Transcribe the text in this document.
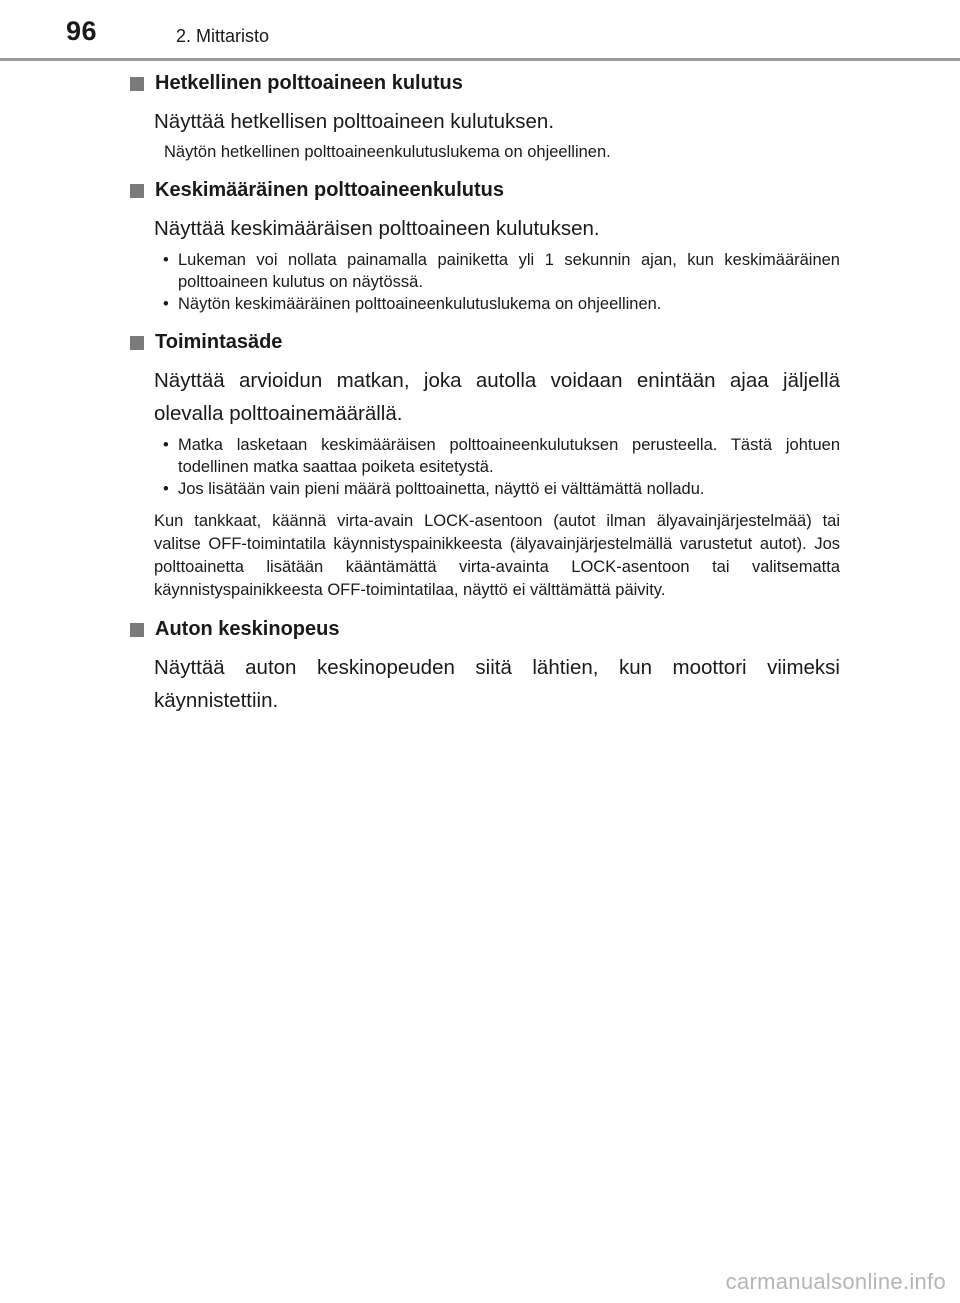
96	2. Mittaristo
Hetkellinen polttoaineen kulutus
Näyttää hetkellisen polttoaineen kulutuksen.
Näytön hetkellinen polttoaineenkulutuslukema on ohjeellinen.
Keskimääräinen polttoaineenkulutus
Näyttää keskimääräisen polttoaineen kulutuksen.
• Lukeman voi nollata painamalla painiketta yli 1 sekunnin ajan, kun keskimääräinen polttoaineen kulutus on näytössä.
• Näytön keskimääräinen polttoaineenkulutuslukema on ohjeellinen.
Toimintasäde
Näyttää arvioidun matkan, joka autolla voidaan enintään ajaa jäljellä olevalla polttoainemäärällä.
• Matka lasketaan keskimääräisen polttoaineenkulutuksen perusteella. Tästä johtuen todellinen matka saattaa poiketa esitetystä.
• Jos lisätään vain pieni määrä polttoainetta, näyttö ei välttämättä nolladu.
Kun tankkaat, käännä virta-avain LOCK-asentoon (autot ilman älyavainjärjestelmää) tai valitse OFF-toimintatila käynnistyspainikkeesta (älyavainjärjestelmällä varustetut autot). Jos polttoainetta lisätään kääntämättä virta-avainta LOCK-asentoon tai valitsematta käynnistyspainikkeesta OFF-toimintatilaa, näyttö ei välttämättä päivity.
Auton keskinopeus
Näyttää auton keskinopeuden siitä lähtien, kun moottori viimeksi käynnistettiin.
carmanualsonline.info
